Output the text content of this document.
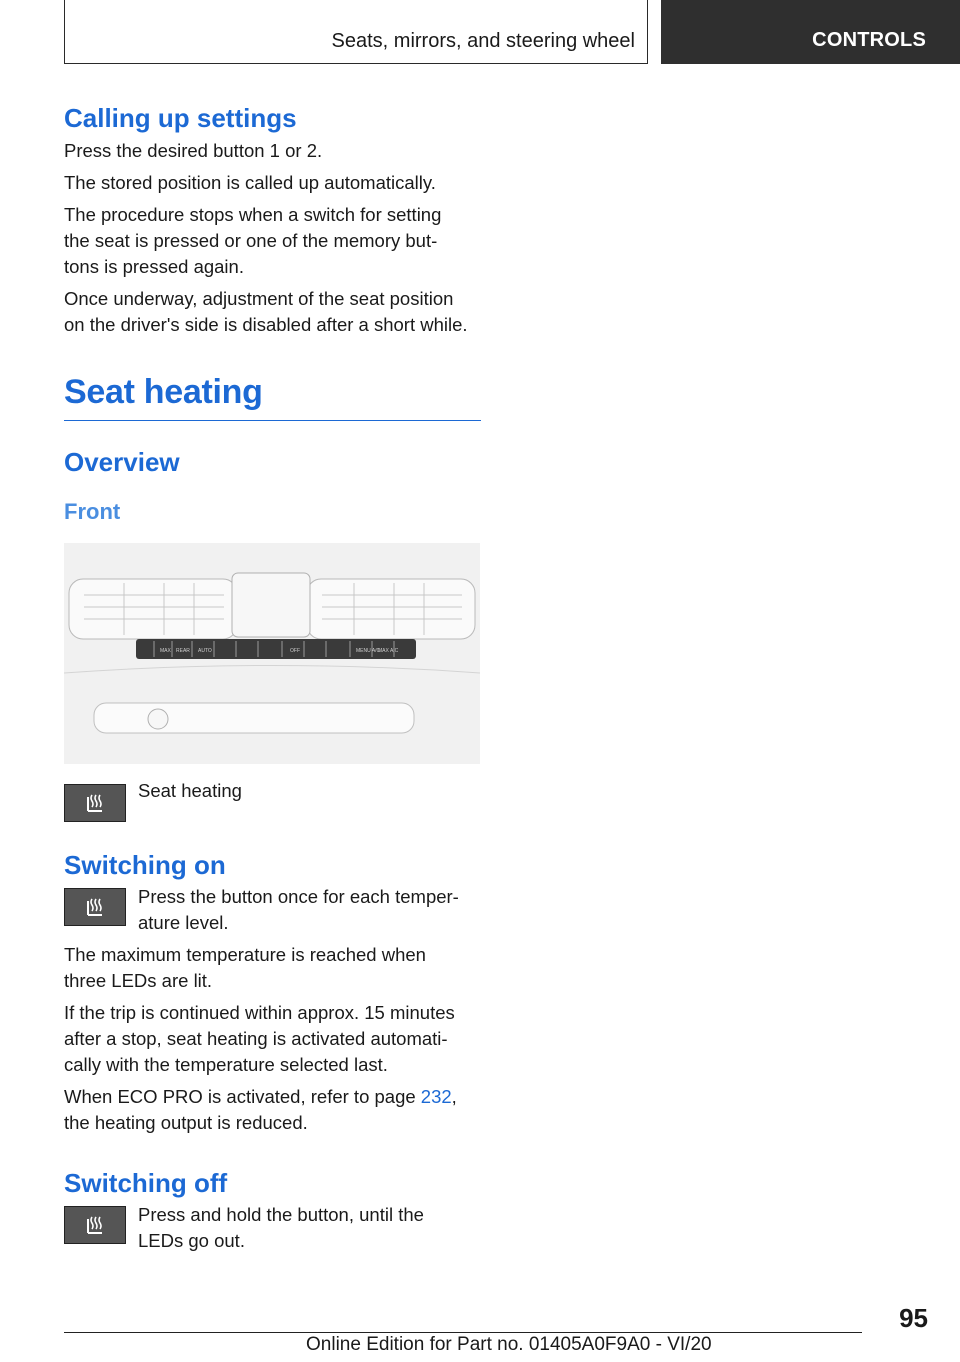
Seats, mirrors, and steering wheel	CONTROLS
Calling up settings

Press the desired button 1 or 2.

The stored position is called up automatically.

The procedure stops when a switch for setting
the seat is pressed or one of the memory but‐
tons is pressed again.

Once underway, adjustment of the seat position
on the driver's side is disabled after a short while.

Seat heating
Overview
Front
MAX REAR AUTO	OFF	MENU A/C
MAX A/C

Seat heating

Switching on

Press the button once for each temper‐
ature level.

The maximum temperature is reached when
three LEDs are lit.

If the trip is continued within approx. 15 minutes
after a stop, seat heating is activated automati‐
cally with the temperature selected last.

When ECO PRO is activated, refer to page 232,
the heating output is reduced.

Switching off

Press and hold the button, until the
LEDs go out.

95
Online Edition for Part no. 01405A0F9A0 - VI/20
